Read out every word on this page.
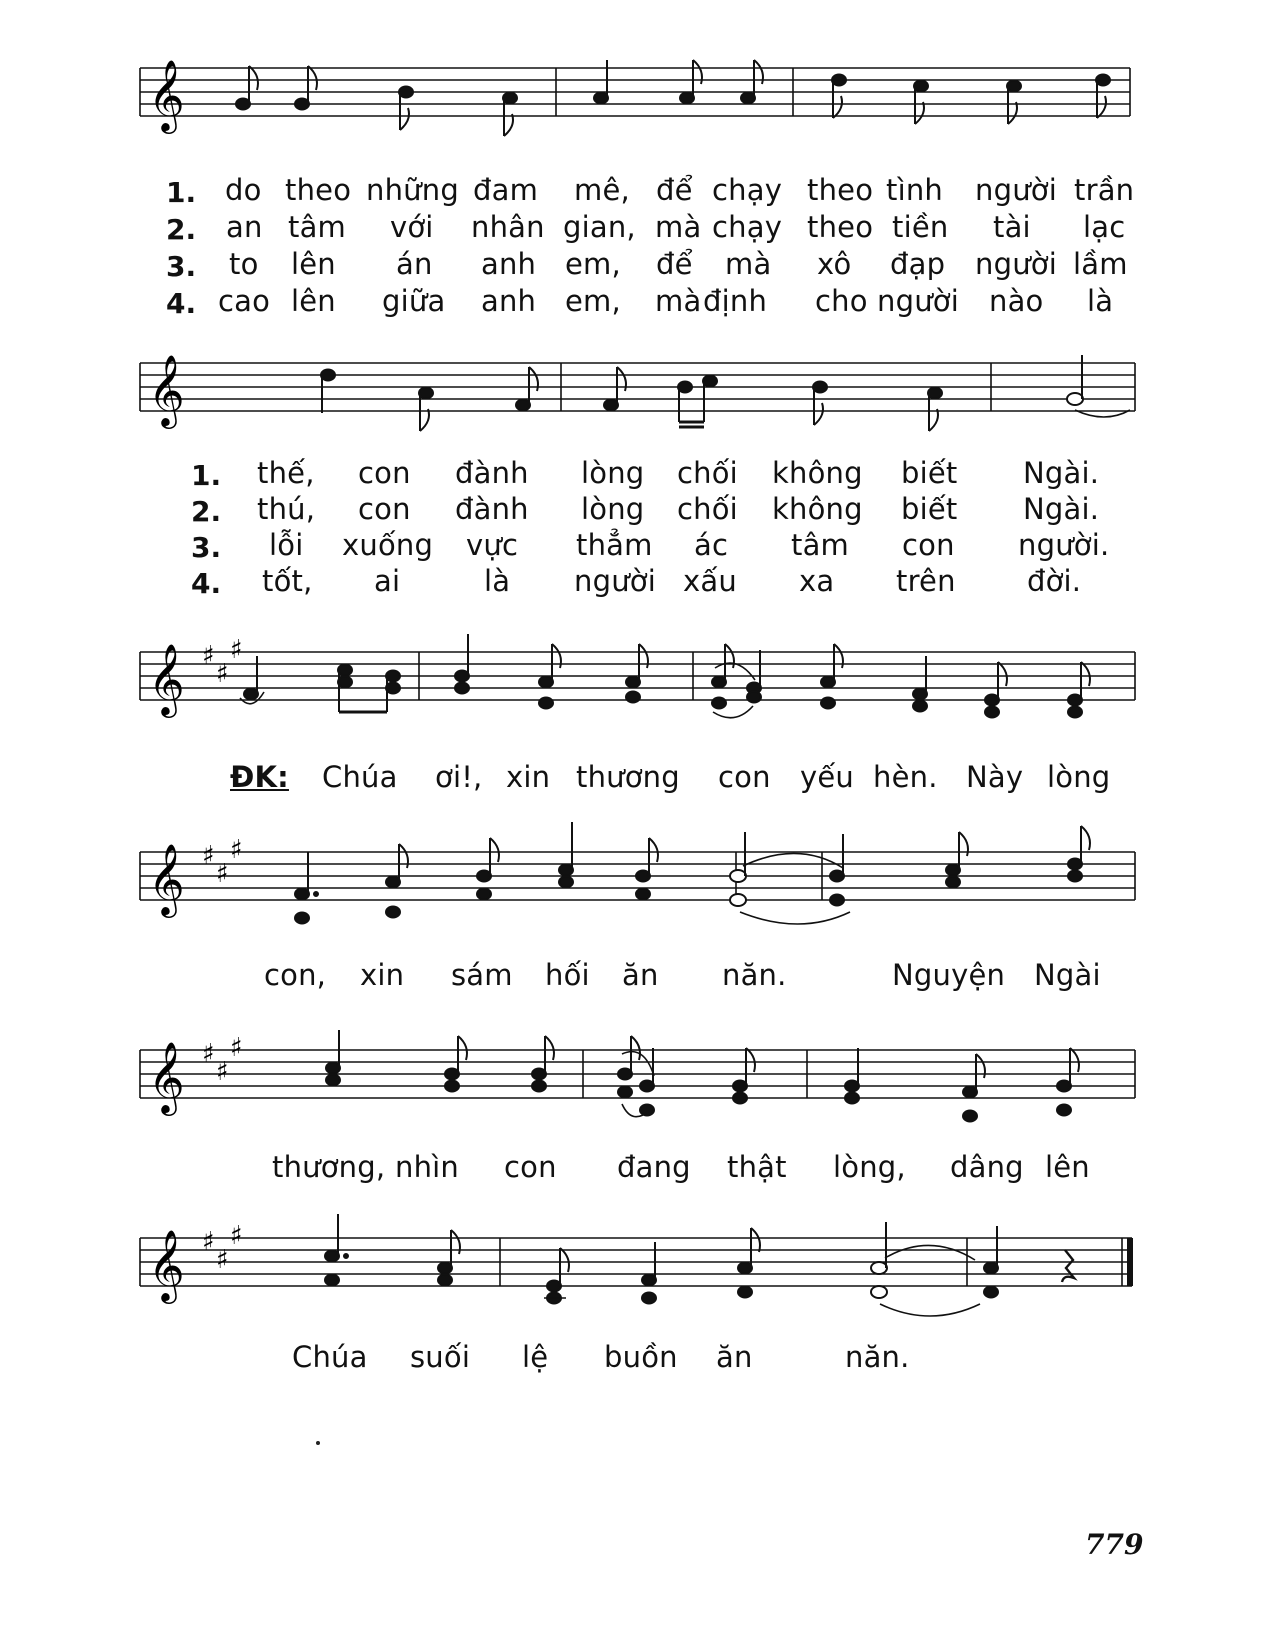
𝄞
1.
2.
3.
4.
do theo những đam mê, để chạy theo tình người trần
an tâm với nhân gian, mà chạy theo tiền tài lạc
to lên án anh em, để mà xô đạp người lầm
cao lên giữa anh em, mà định cho người nào là
𝄞
1.
2.
3.
4.
thế, con đành lòng chối không biết Ngài.
thú, con đành lòng chối không biết Ngài.
lỗi xuống vực thẳm ác tâm con người.
tốt, ai	là người xấu xa trên đời.
𝄞 ♯
♯
♯
ĐK: Chúa ơi!, xin thương con yếu hèn. Này lòng
𝄞 ♯
♯
♯
con, xin sám hối ăn năn.	Nguyện Ngài
𝄞 ♯
♯
♯
thương, nhìn con đang thật lòng, dâng lên
𝄞 ♯
♯
♯
Chúa suối lệ buồn ăn	năn.
779
